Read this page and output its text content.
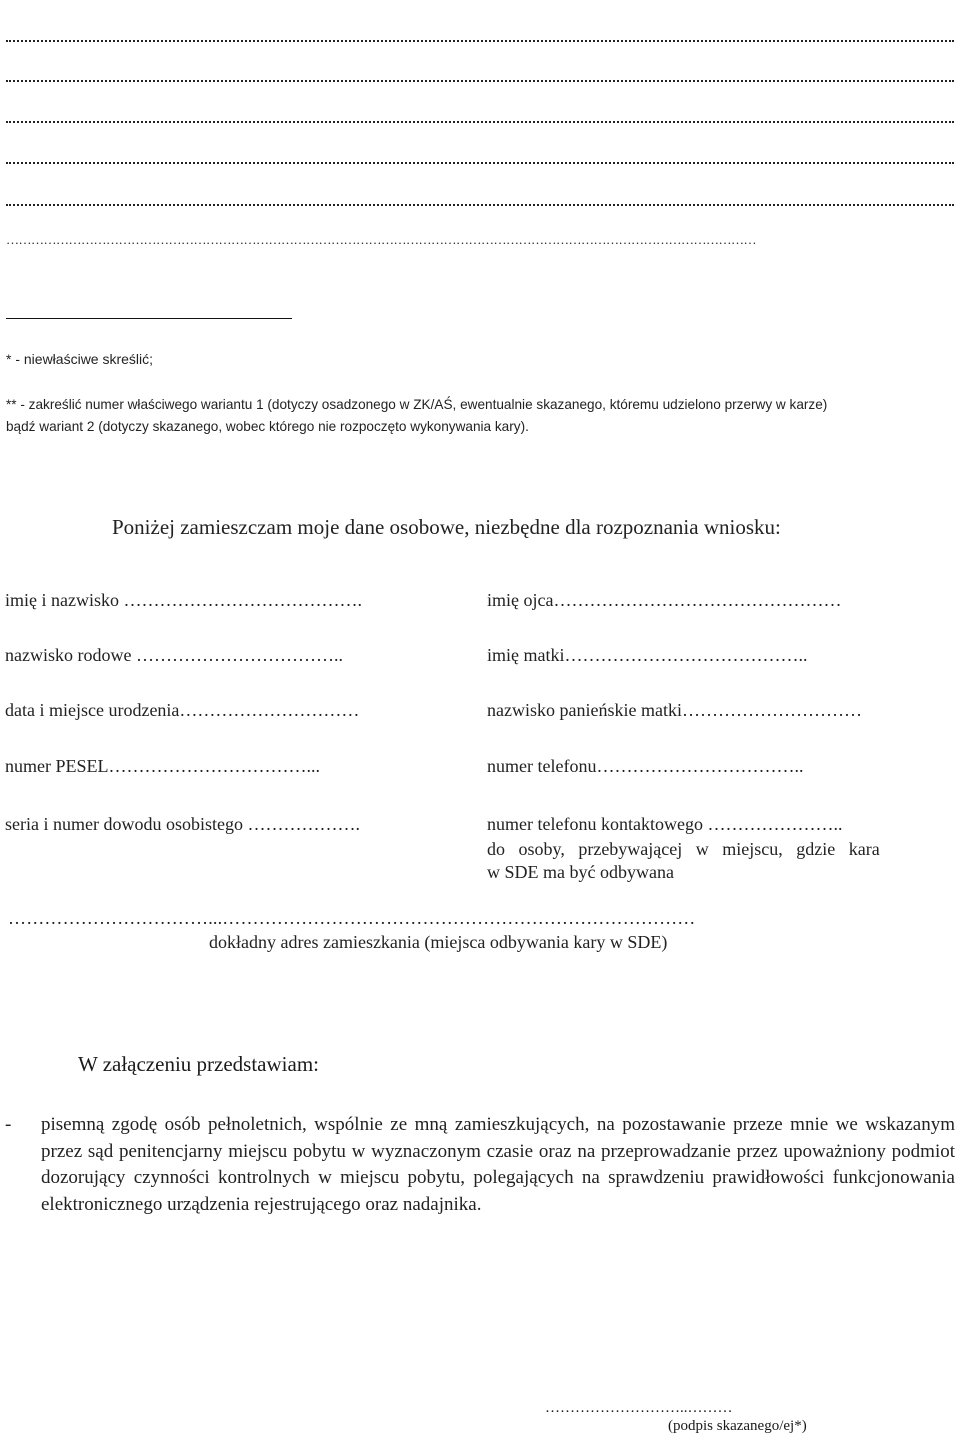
………………………………………………………………………………………………………………………………………………………………
* - niewłaściwe skreślić;
** - zakreślić numer właściwego wariantu 1 (dotyczy osadzonego w ZK/AŚ, ewentualnie skazanego, któremu udzielono przerwy w karze)
bądź wariant 2 (dotyczy skazanego, wobec którego nie rozpoczęto wykonywania kary).
Poniżej zamieszczam moje dane osobowe, niezbędne dla rozpoznania wniosku:
imię i nazwisko ………………………………….
nazwisko rodowe ……………………………..
data i miejsce urodzenia…………………………
numer PESEL……………………………...
seria i numer dowodu osobistego ……………….
imię ojca…………………………………………
imię matki…………………………………..
nazwisko panieńskie matki…………………………
numer telefonu……………………………..
numer telefonu kontaktowego …………………..
do osoby, przebywającej w miejscu, gdzie kara
w SDE ma być odbywana
……………………………...……………………………………………………………………
dokładny adres zamieszkania (miejsca odbywania kary w SDE)
W załączeniu przedstawiam:
- pisemną zgodę osób pełnoletnich, wspólnie ze mną zamieszkujących, na pozostawanie przeze mnie we wskazanym przez sąd penitencjarny miejscu pobytu w wyznaczonym czasie oraz na przeprowadzanie przez upoważniony podmiot dozorujący czynności kontrolnych w miejscu pobytu, polegających na sprawdzeniu prawidłowości funkcjonowania elektronicznego urządzenia rejestrującego oraz nadajnika.
………………………..………
(podpis skazanego/ej*)
